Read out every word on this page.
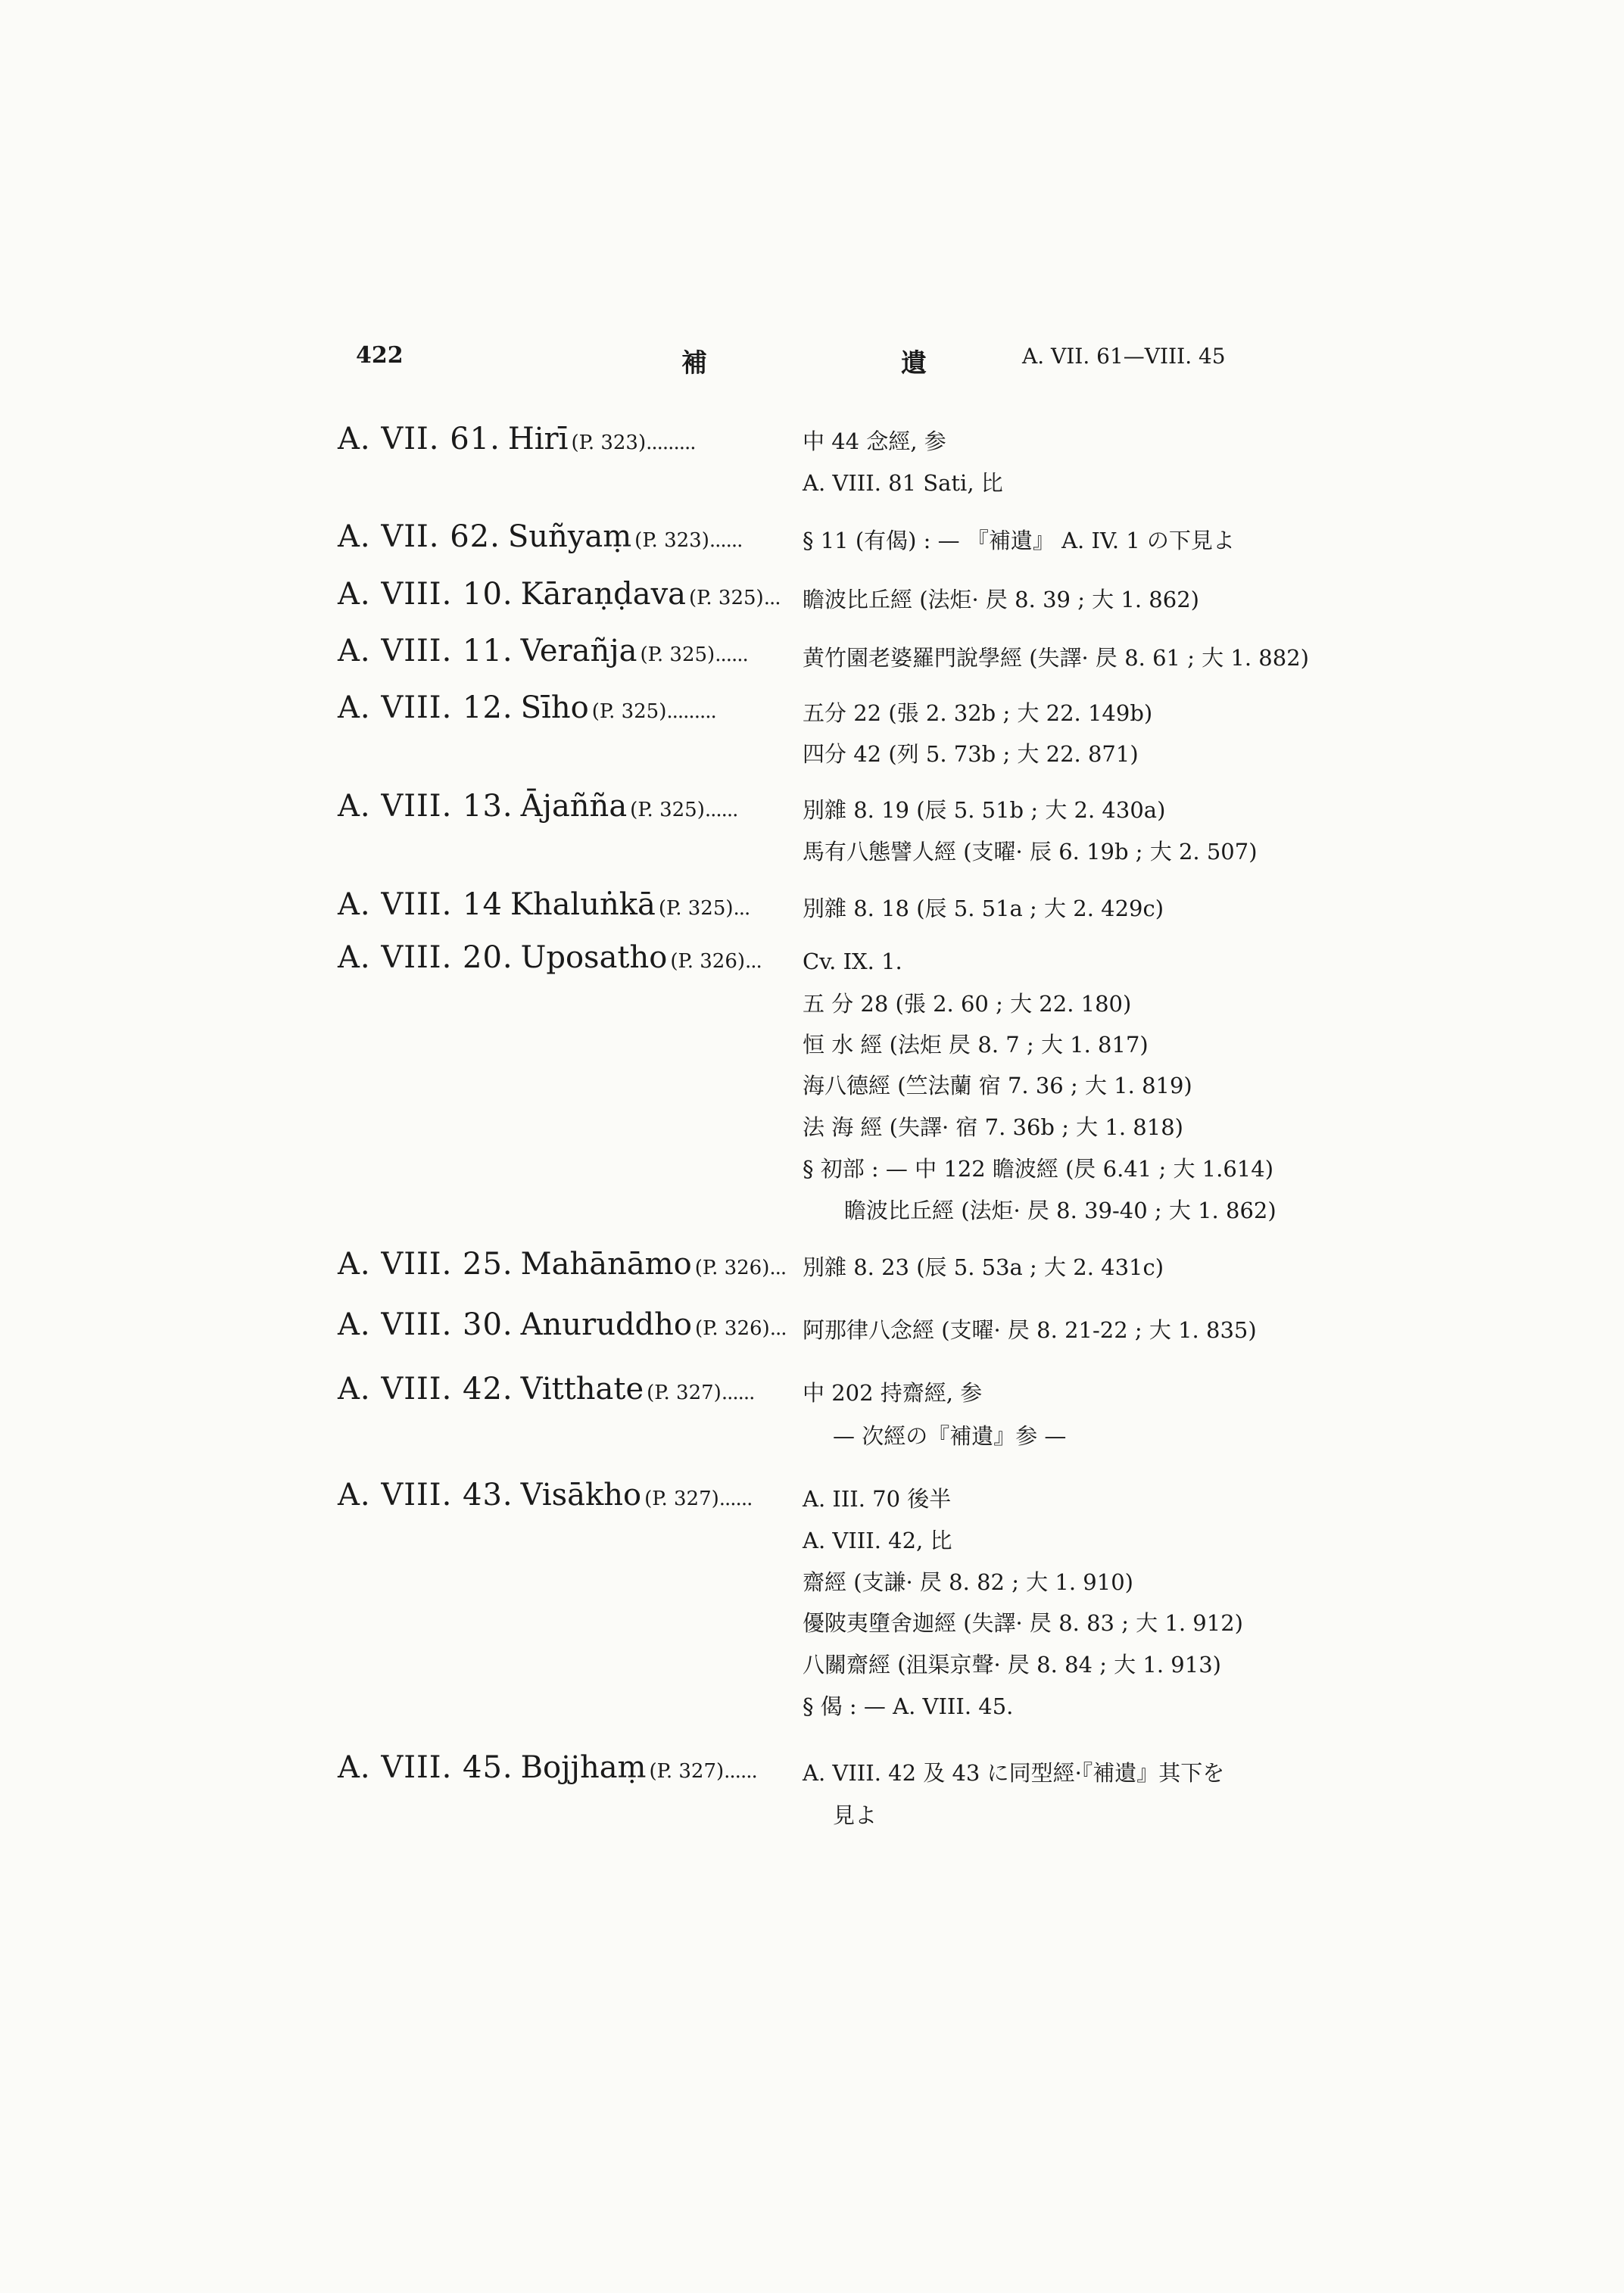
422	補	遺	A. VII. 61—VIII. 45
A. VII. 61. Hirī (P. 323).........	中 44 念經, 参
A. VIII. 81 Sati, 比
A. VII. 62. Suñyaṃ (P. 323)......	§ 11 (有偈) : — 『補遺』 A. IV. 1 の下見よ
A. VIII. 10. Kāraṇḍava (P. 325)...	瞻波比丘經 (法炬· 昃 8. 39 ; 大 1. 862)
A. VIII. 11. Verañja (P. 325)......	黄竹園老婆羅門說學經 (失譯· 昃 8. 61 ; 大 1. 882)
A. VIII. 12. Sīho (P. 325).........	五分 22 (張 2. 32b ; 大 22. 149b)
四分 42 (列 5. 73b ; 大 22. 871)
A. VIII. 13. Ājañña (P. 325)......	別雜 8. 19 (辰 5. 51b ; 大 2. 430a)
馬有八態譬人經 (支曜· 辰 6. 19b ; 大 2. 507)
A. VIII. 14 Khaluṅkā (P. 325)...	別雜 8. 18 (辰 5. 51a ; 大 2. 429c)
A. VIII. 20. Uposatho (P. 326)...	Cv. IX. 1.
五 分 28 (張 2. 60 ; 大 22. 180)
恒 水 經 (法炬 昃 8. 7 ; 大 1. 817)
海八德經 (竺法蘭 宿 7. 36 ; 大 1. 819)
法 海 經 (失譯· 宿 7. 36b ; 大 1. 818)
§ 初部 : — 中 122 瞻波經 (昃 6.41 ; 大 1.614)
瞻波比丘經 (法炬· 昃 8. 39-40 ; 大 1. 862)
A. VIII. 25. Mahānāmo (P. 326)... 別雜 8. 23 (辰 5. 53a ; 大 2. 431c)
A. VIII. 30. Anuruddho (P. 326)... 阿那律八念經 (支曜· 昃 8. 21-22 ; 大 1. 835)
A. VIII. 42. Vitthate (P. 327)......	中 202 持齋經, 参
— 次經の『補遺』参 —
A. VIII. 43. Visākho (P. 327)......	A. III. 70 後半
A. VIII. 42, 比
齋經 (支謙· 昃 8. 82 ; 大 1. 910)
優陂夷墮舍迦經 (失譯· 昃 8. 83 ; 大 1. 912)
八關齋經 (沮渠京聲· 昃 8. 84 ; 大 1. 913)
§ 偈 : — A. VIII. 45.
A. VIII. 45. Bojjhaṃ (P. 327)......	A. VIII. 42 及 43 に同型經·『補遺』其下を
見よ
